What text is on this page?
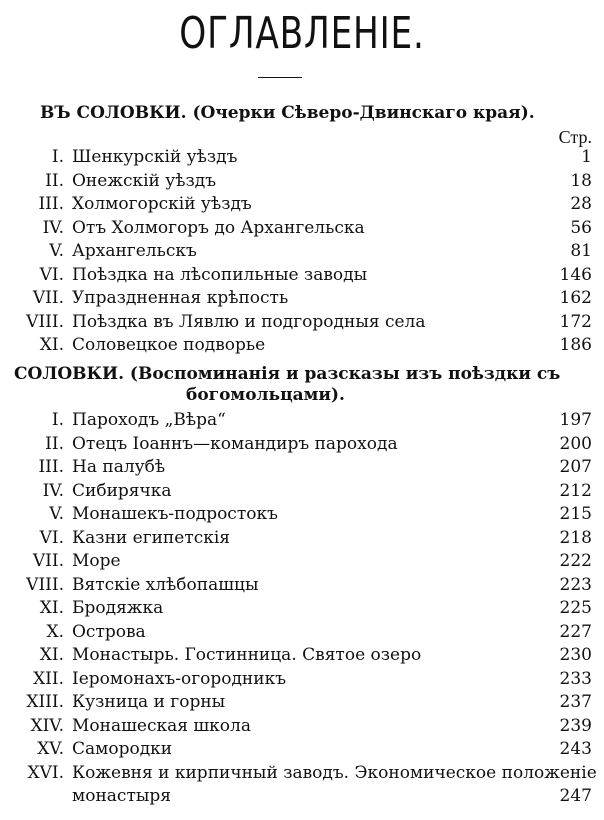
ОГЛАВЛЕНІЕ.
ВЪ СОЛОВКИ. (Очерки Сѣверо-Двинскаго края).
Стр.
I. Шенкурскій уѣздъ	1
II. Онежскій уѣздъ	18
III. Холмогорскій уѣздъ	28
IV. Отъ Холмогоръ до Архангельска	56
V. Архангельскъ	81
VI. Поѣздка на лѣсопильные заводы	146
VII. Упраздненная крѣпость	162
VIII. Поѣздка въ Лявлю и подгородныя села	172
XI. Соловецкое подворье	186
СОЛОВКИ. (Воспоминанія и разсказы изъ поѣздки съ
богомольцами).
I. Пароходъ „Вѣра“	197
II. Отецъ Іоаннъ—командиръ парохода	200
III. На палубѣ	207
IV. Сибирячка	212
V. Монашекъ-подростокъ	215
VI. Казни египетскія	218
VII. Море	222
VIII. Вятскіе хлѣбопашцы	223
XI. Бродяжка	225
X. Острова	227
XI. Монастырь. Гостинница. Святое озеро	230
XII. Іеромонахъ-огородникъ	233
XIII. Кузница и горны	237
XIV. Монашеская школа	239
XV. Самородки	243
XVI. Кожевня и кирпичный заводъ. Экономическое положеніе
монастыря	247
